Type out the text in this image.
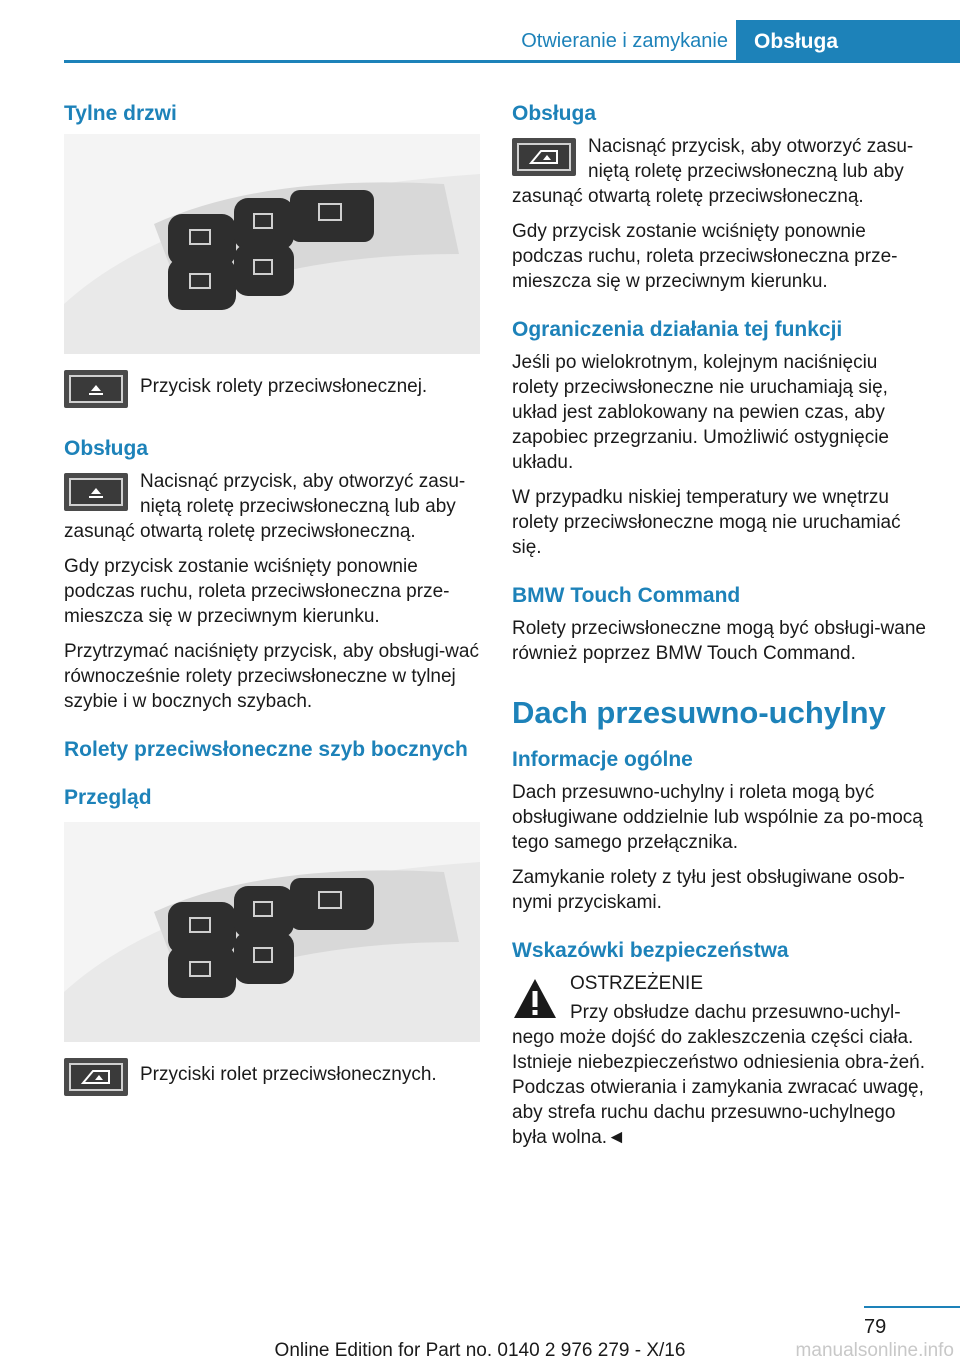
Otwieranie i zamykanie	Obsługa
Tylne drzwi
Przycisk rolety przeciwsłonecznej.
Obsługa
Nacisnąć przycisk, aby otworzyć zasu-niętą roletę przeciwsłoneczną lub aby zasunąć otwartą roletę przeciwsłoneczną.
Gdy przycisk zostanie wciśnięty ponownie podczas ruchu, roleta przeciwsłoneczna prze-mieszcza się w przeciwnym kierunku.
Przytrzymać naciśnięty przycisk, aby obsługi-wać równocześnie rolety przeciwsłoneczne w tylnej szybie i w bocznych szybach.
Rolety przeciwsłoneczne szyb bocznych
Przegląd
Przyciski rolet przeciwsłonecznych.
Obsługa
Nacisnąć przycisk, aby otworzyć zasu-niętą roletę przeciwsłoneczną lub aby zasunąć otwartą roletę przeciwsłoneczną.
Gdy przycisk zostanie wciśnięty ponownie podczas ruchu, roleta przeciwsłoneczna prze-mieszcza się w przeciwnym kierunku.
Ograniczenia działania tej funkcji
Jeśli po wielokrotnym, kolejnym naciśnięciu rolety przeciwsłoneczne nie uruchamiają się, układ jest zablokowany na pewien czas, aby zapobiec przegrzaniu. Umożliwić ostygnięcie układu.
W przypadku niskiej temperatury we wnętrzu rolety przeciwsłoneczne mogą nie uruchamiać się.
BMW Touch Command
Rolety przeciwsłoneczne mogą być obsługi-wane również poprzez BMW Touch Command.
Dach przesuwno-uchylny
Informacje ogólne
Dach przesuwno-uchylny i roleta mogą być obsługiwane oddzielnie lub wspólnie za po-mocą tego samego przełącznika.
Zamykanie rolety z tyłu jest obsługiwane osob-nymi przyciskami.
Wskazówki bezpieczeństwa
OSTRZEŻENIE
Przy obsłudze dachu przesuwno-uchyl-nego może dojść do zakleszczenia części ciała. Istnieje niebezpieczeństwo odniesienia obra-żeń. Podczas otwierania i zamykania zwracać uwagę, aby strefa ruchu dachu przesuwno-uchylnego była wolna.◄
79
Online Edition for Part no. 0140 2 976 279 - X/16	manualsonline.info
